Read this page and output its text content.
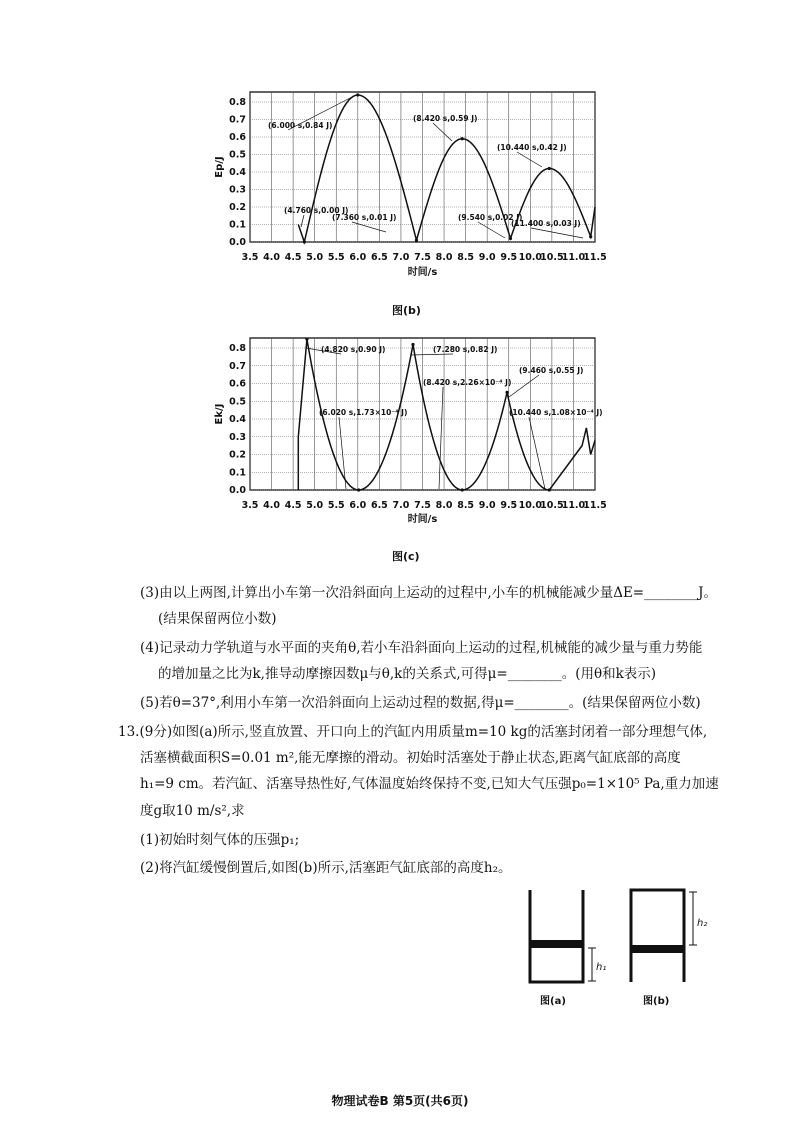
3.5 4.0 4.5 5.0 5.5 6.0 6.5 7.0 7.5 8.0 8.5 9.0 9.5 10.0
10.5
11.0
11.5
0.0
0.1
0.2
0.3
0.4
0.5
0.6
0.7
0.8
时间/s
Ep/J
(4.760 s,0.00 J)
(6.000 s,0.84 J)
(7.360 s,0.01 J)
(8.420 s,0.59 J)
(9.540 s,0.02 J)
(10.440 s,0.42 J)
(11.400 s,0.03 J)
3.5 4.0 4.5 5.0 5.5 6.0 6.5 7.0 7.5 8.0 8.5 9.0 9.5 10.0
10.5
11.0
11.5
0.0
0.1
0.2
0.3
0.4
0.5
0.6
0.7
0.8
时间/s
Ek/J
(4.820 s,0.90 J)
(6.020 s,1.73×10⁻⁴ J)
(7.280 s,0.82 J)
(8.420 s,2.26×10⁻⁴ J)
(9.460 s,0.55 J)
(10.440 s,1.08×10⁻⁴ J)
图(b)
图(c)
(3)由以上两图,计算出小车第一次沿斜面向上运动的过程中,小车的机械能减少量ΔE=________J。
(结果保留两位小数)
(4)记录动力学轨道与水平面的夹角θ,若小车沿斜面向上运动的过程,机械能的减少量与重力势能
的增加量之比为k,推导动摩擦因数μ与θ,k的关系式,可得μ=________。(用θ和k表示)
(5)若θ=37°,利用小车第一次沿斜面向上运动过程的数据,得μ=________。(结果保留两位小数)
13.(9分)如图(a)所示,竖直放置、开口向上的汽缸内用质量m=10 kg的活塞封闭着一部分理想气体,
活塞横截面积S=0.01 m²,能无摩擦的滑动。初始时活塞处于静止状态,距离气缸底部的高度
h₁=9 cm。若汽缸、活塞导热性好,气体温度始终保持不变,已知大气压强p₀=1×10⁵ Pa,重力加速
度g取10 m/s²,求
(1)初始时刻气体的压强p₁;
(2)将汽缸缓慢倒置后,如图(b)所示,活塞距气缸底部的高度h₂。
h₁
h₂
图(a)	图(b)
物理试卷B 第5页(共6页)
